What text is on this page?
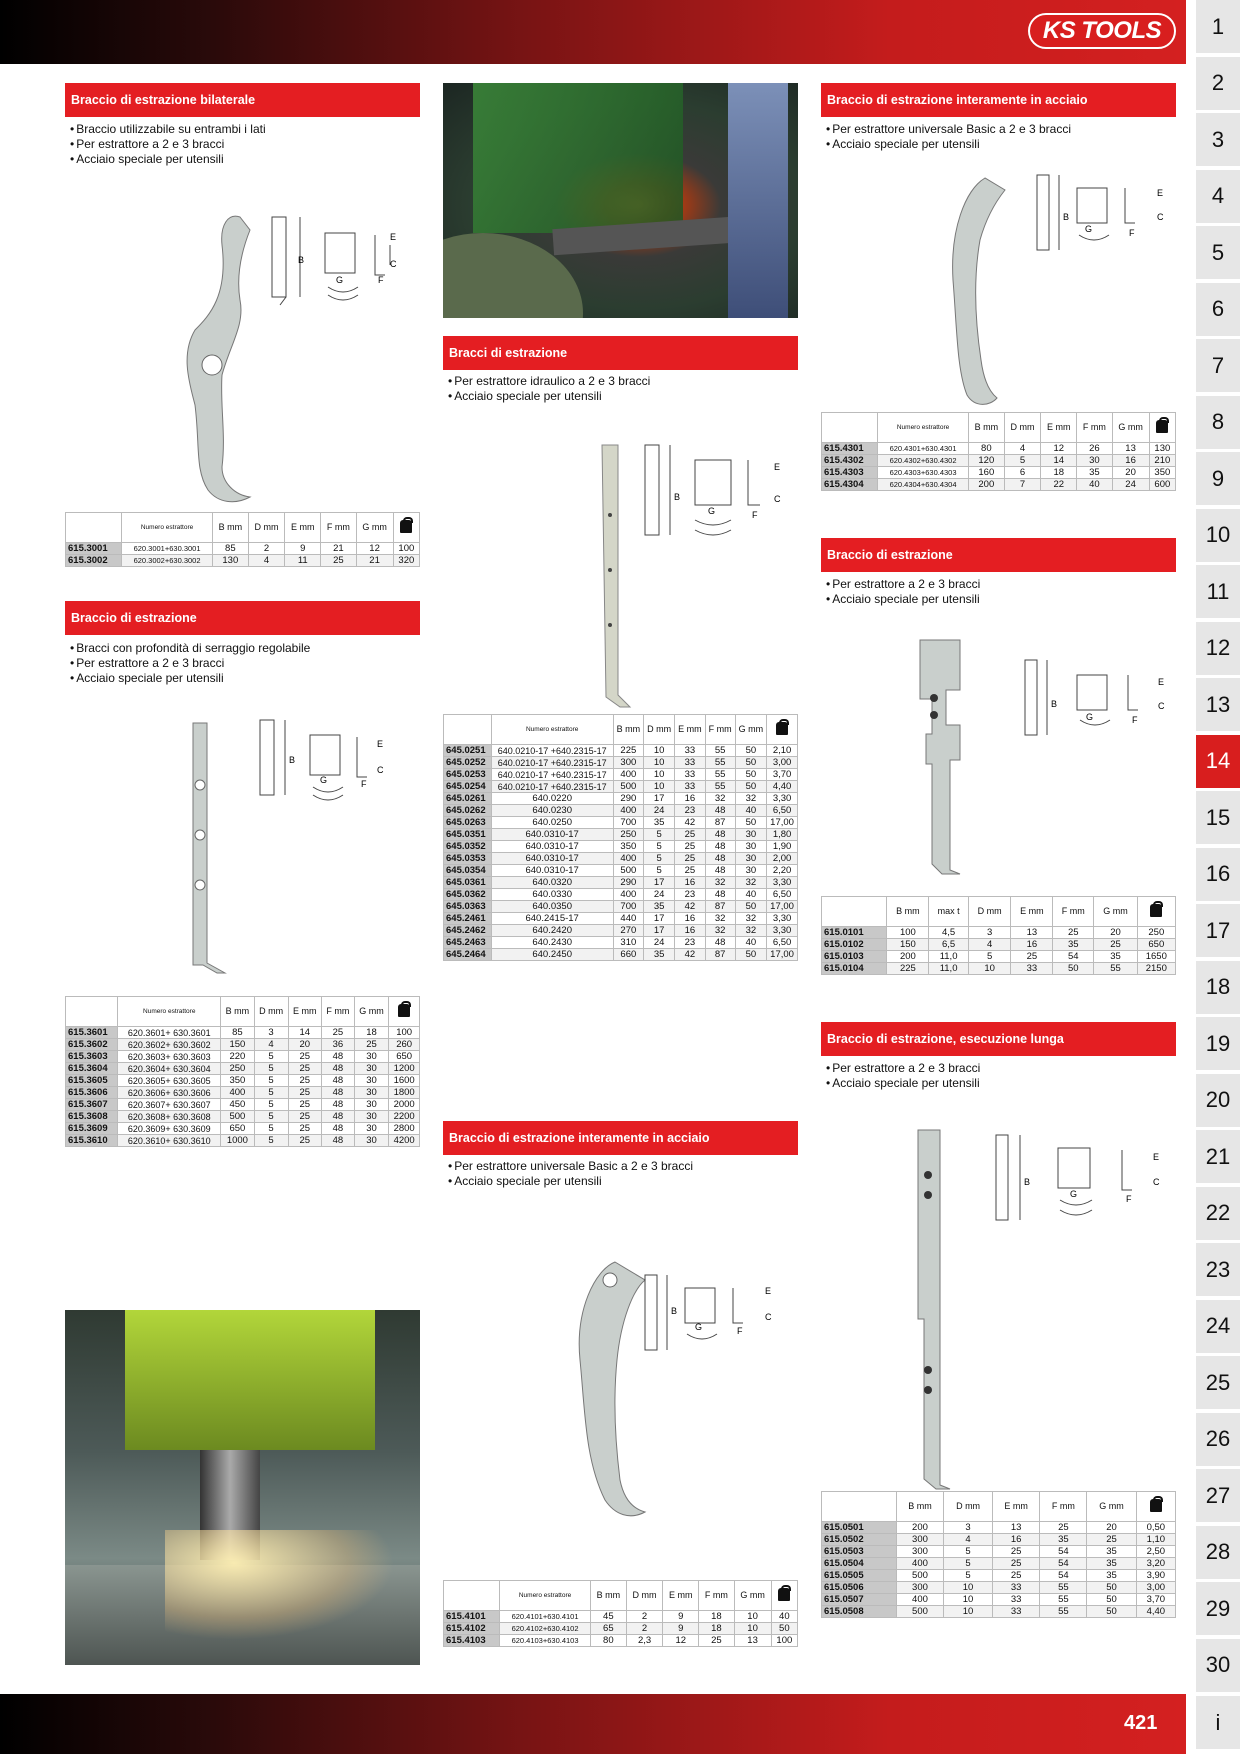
KS TOOLS
421
1
2
3
4
5
6
7
8
9
10
11
12
13
14
15
16
17
18
19
20
21
22
23
24
25
26
27
28
29
30
i
Braccio di estrazione bilaterale
• Braccio utilizzabile su entrambi i lati
• Per estrattore a 2 e 3 bracci
• Acciaio speciale per utensili
Braccio di estrazione
• Bracci con profondità di serraggio regolabile
• Per estrattore a 2 e 3 bracci
• Acciaio speciale per utensili
Bracci di estrazione
• Per estrattore idraulico a 2 e 3 bracci
• Acciaio speciale per utensili
Braccio di estrazione interamente in acciaio
• Per estrattore universale Basic a 2 e 3 bracci
• Acciaio speciale per utensili
Braccio di estrazione interamente in acciaio
• Per estrattore universale Basic a 2 e 3 bracci
• Acciaio speciale per utensili
Braccio di estrazione
• Per estrattore a 2 e 3 bracci
• Acciaio speciale per utensili
Braccio di estrazione, esecuzione lunga
• Per estrattore a 2 e 3 bracci
• Acciaio speciale per utensili
B
G	F
E
C
B
G	F
E
C
B
G	F
E
C
B
G	F
E
C
B
G	F
E
C
B
G	F
E
C
B
G	F
E
C
	Numero estrattore	B mm	D mm	E mm	F mm	G mm	
615.3001	620.3001+630.3001	85	2	9	21	12	100
615.3002	620.3002+630.3002	130	4	11	25	21	320
	Numero estrattore	B mm	D mm	E mm	F mm	G mm	
615.3601	620.3601+ 630.3601	85	3	14	25	18	100
615.3602	620.3602+ 630.3602	150	4	20	36	25	260
615.3603	620.3603+ 630.3603	220	5	25	48	30	650
615.3604	620.3604+ 630.3604	250	5	25	48	30	1200
615.3605	620.3605+ 630.3605	350	5	25	48	30	1600
615.3606	620.3606+ 630.3606	400	5	25	48	30	1800
615.3607	620.3607+ 630.3607	450	5	25	48	30	2000
615.3608	620.3608+ 630.3608	500	5	25	48	30	2200
615.3609	620.3609+ 630.3609	650	5	25	48	30	2800
615.3610	620.3610+ 630.3610	1000	5	25	48	30	4200
	Numero estrattore	B mm	D mm	E mm	F mm	G mm	
645.0251	640.0210-17 +640.2315-17	225	10	33	55	50	2,10
645.0252	640.0210-17 +640.2315-17	300	10	33	55	50	3,00
645.0253	640.0210-17 +640.2315-17	400	10	33	55	50	3,70
645.0254	640.0210-17 +640.2315-17	500	10	33	55	50	4,40
645.0261	640.0220	290	17	16	32	32	3,30
645.0262	640.0230	400	24	23	48	40	6,50
645.0263	640.0250	700	35	42	87	50	17,00
645.0351	640.0310-17	250	5	25	48	30	1,80
645.0352	640.0310-17	350	5	25	48	30	1,90
645.0353	640.0310-17	400	5	25	48	30	2,00
645.0354	640.0310-17	500	5	25	48	30	2,20
645.0361	640.0320	290	17	16	32	32	3,30
645.0362	640.0330	400	24	23	48	40	6,50
645.0363	640.0350	700	35	42	87	50	17,00
645.2461	640.2415-17	440	17	16	32	32	3,30
645.2462	640.2420	270	17	16	32	32	3,30
645.2463	640.2430	310	24	23	48	40	6,50
645.2464	640.2450	660	35	42	87	50	17,00
	Numero estrattore	B mm	D mm	E mm	F mm	G mm	
615.4101	620.4101+630.4101	45	2	9	18	10	40
615.4102	620.4102+630.4102	65	2	9	18	10	50
615.4103	620.4103+630.4103	80	2,3	12	25	13	100
	Numero estrattore	B mm	D mm	E mm	F mm	G mm	
615.4301	620.4301+630.4301	80	4	12	26	13	130
615.4302	620.4302+630.4302	120	5	14	30	16	210
615.4303	620.4303+630.4303	160	6	18	35	20	350
615.4304	620.4304+630.4304	200	7	22	40	24	600
	B mm	max t	D mm	E mm	F mm	G mm	
615.0101	100	4,5	3	13	25	20	250
615.0102	150	6,5	4	16	35	25	650
615.0103	200	11,0	5	25	54	35	1650
615.0104	225	11,0	10	33	50	55	2150
	B mm	D mm	E mm	F mm	G mm	
615.0501	200	3	13	25	20	0,50
615.0502	300	4	16	35	25	1,10
615.0503	300	5	25	54	35	2,50
615.0504	400	5	25	54	35	3,20
615.0505	500	5	25	54	35	3,90
615.0506	300	10	33	55	50	3,00
615.0507	400	10	33	55	50	3,70
615.0508	500	10	33	55	50	4,40
